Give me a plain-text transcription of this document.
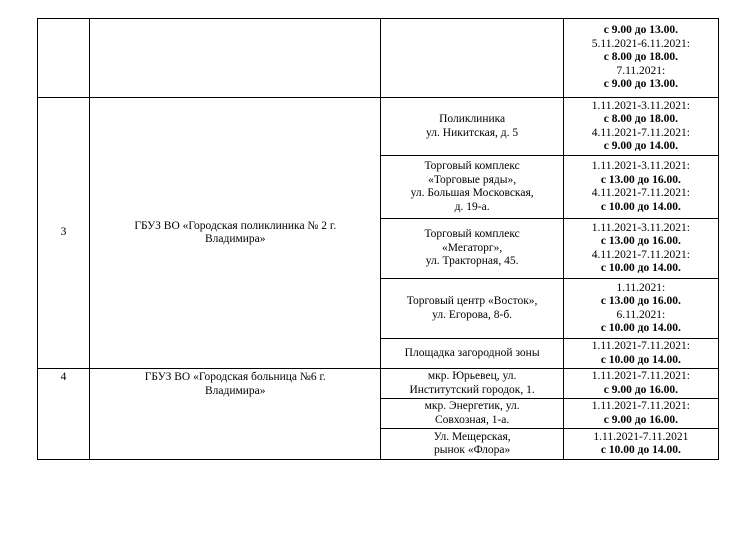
			с 9.00 до 13.00.
5.11.2021-6.11.2021:
с 8.00 до 18.00.
7.11.2021:
с 9.00 до 13.00.

3	ГБУЗ ВО «Городская поликлиника № 2 г.
Владимира»	Поликлиника
ул. Никитская, д. 5	1.11.2021-3.11.2021:
с 8.00 до 18.00.
4.11.2021-7.11.2021:
с 9.00 до 14.00.

		Торговый комплекс
«Торговые ряды»,
ул. Большая Московская,
д. 19-а.	1.11.2021-3.11.2021:
с 13.00 до 16.00.
4.11.2021-7.11.2021:
с 10.00 до 14.00.

		Торговый комплекс
«Мегаторг»,
ул. Тракторная, 45.	1.11.2021-3.11.2021:
с 13.00 до 16.00.
4.11.2021-7.11.2021:
с 10.00 до 14.00.

		Торговый центр «Восток»,
ул. Егорова, 8-б.	1.11.2021:
с 13.00 до 16.00.
6.11.2021:
с 10.00 до 14.00.

		Площадка загородной зоны	1.11.2021-7.11.2021:
с 10.00 до 14.00.

4	ГБУЗ ВО «Городская больница №6 г.
Владимира»	мкр. Юрьевец, ул.
Институтский городок, 1.	1.11.2021-7.11.2021:
с 9.00 до 16.00.

		мкр. Энергетик, ул.
Совхозная, 1-а.	1.11.2021-7.11.2021:
с 9.00 до 16.00.

		Ул. Мещерская,
рынок «Флора»	1.11.2021-7.11.2021
с 10.00 до 14.00.
